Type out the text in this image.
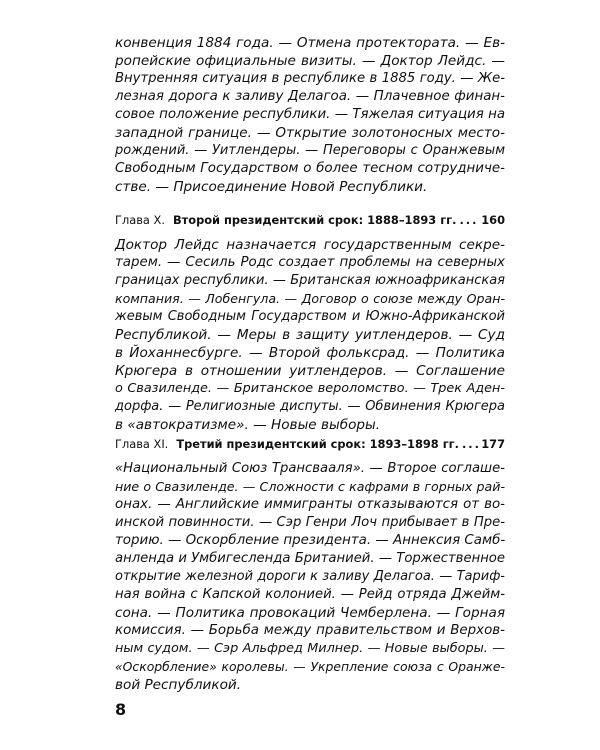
конвенция 1884 года. — Отмена протектората. — Ев-
ропейские официальные визиты. — Доктор Лейдс. —
Внутренняя ситуация в республике в 1885 году. — Же-
лезная дорога к заливу Делагоа. — Плачевное финан-
совое положение республики. — Тяжелая ситуация на
западной границе. — Открытие золотоносных место-
рождений. — Уитлендеры. — Переговоры с Оранжевым
Свободным Государством о более тесном сотрудниче-
стве. — Присоединение Новой Республики.

Глава X. Второй президентский срок: 1888–1893 гг. ..... 160

Доктор Лейдс назначается государственным секре-
тарем. — Сесиль Родс создает проблемы на северных
границах республики. — Британская южноафриканская
компания. — Лобенгула. — Договор о союзе между Оран-
жевым Свободным Государством и Южно-Африканской
Республикой. — Меры в защиту уитлендеров. — Суд
в Йоханнесбурге. — Второй фольксрад. — Политика
Крюгера в отношении уитлендеров. — Соглашение
о Свазиленде. — Британское вероломство. — Трек Аден-
дорфа. — Религиозные диспуты. — Обвинения Крюгера
в «автократизме». — Новые выборы.

Глава XI. Третий президентский срок: 1893–1898 гг. ..... 177

«Национальный Союз Трансвааля». — Второе соглаше-
ние о Свазиленде. — Сложности с кафрами в горных рай-
онах. — Английские иммигранты отказываются от во-
инской повинности. — Сэр Генри Лоч прибывает в Пре-
торию. — Оскорбление президента. — Аннексия Самб-
анленда и Умбигесленда Британией. — Торжественное
открытие железной дороги к заливу Делагоа. — Тариф-
ная война с Капской колонией. — Рейд отряда Джейм-
сона. — Политика провокаций Чемберлена. — Горная
комиссия. — Борьба между правительством и Верхов-
ным судом. — Сэр Альфред Милнер. — Новые выборы. —
«Оскорбление» королевы. — Укрепление союза с Оранже-
вой Республикой.

8
